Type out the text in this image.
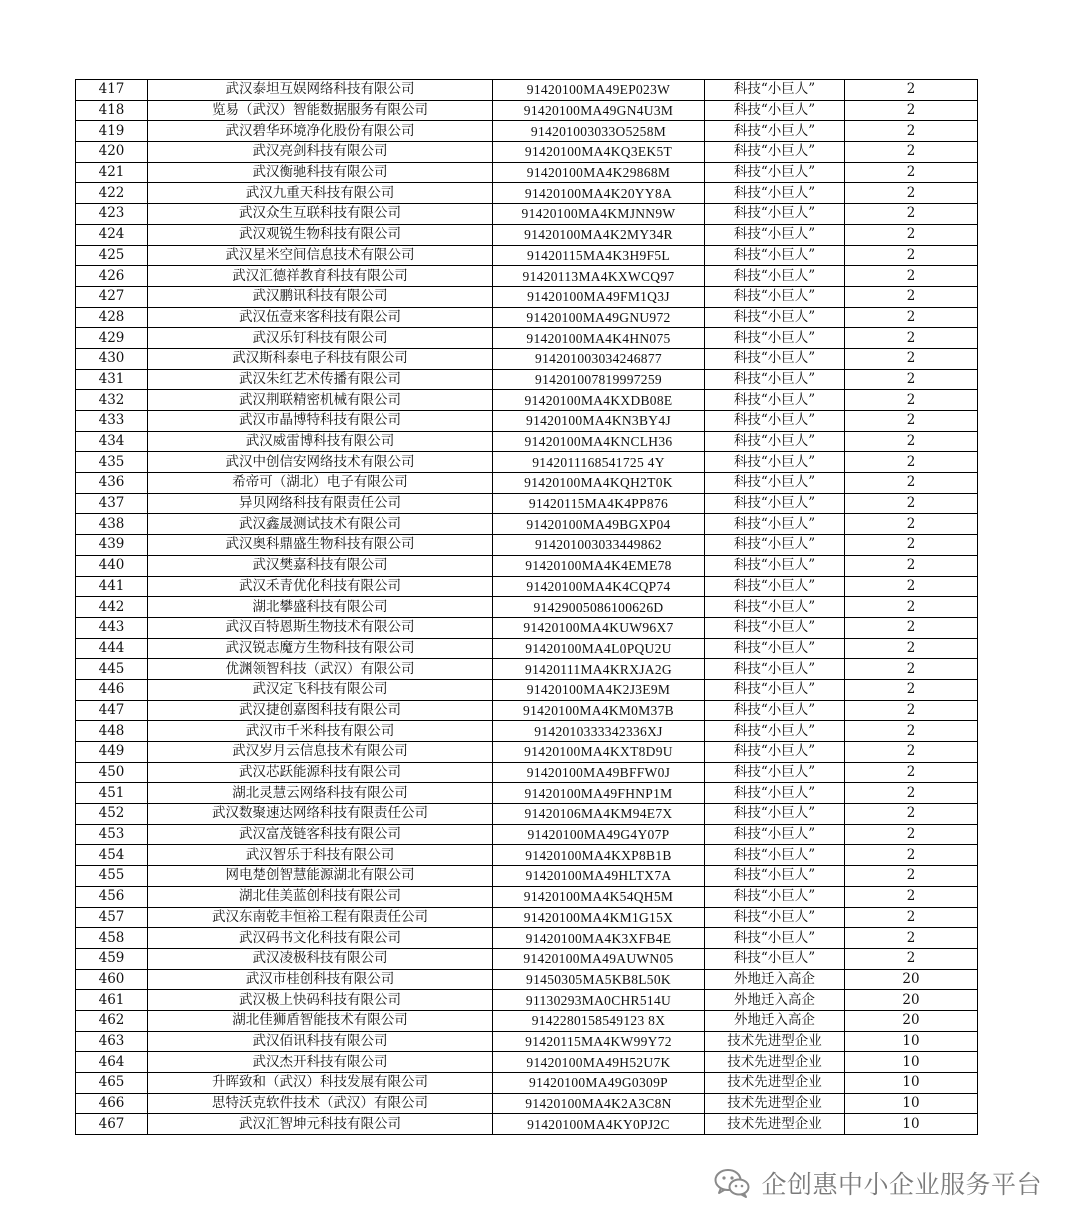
417	武汉泰坦互娱网络科技有限公司	91420100MA49EP023W	科技“小巨人”	2
418	览易（武汉）智能数据服务有限公司	91420100MA49GN4U3M	科技“小巨人”	2
419	武汉碧华环境净化股份有限公司	914201003033O5258M	科技“小巨人”	2
420	武汉亮剑科技有限公司	91420100MA4KQ3EK5T	科技“小巨人”	2
421	武汉衡驰科技有限公司	91420100MA4K29868M	科技“小巨人”	2
422	武汉九重天科技有限公司	91420100MA4K20YY8A	科技“小巨人”	2
423	武汉众生互联科技有限公司	91420100MA4KMJNN9W	科技“小巨人”	2
424	武汉观锐生物科技有限公司	91420100MA4K2MY34R	科技“小巨人”	2
425	武汉星米空间信息技术有限公司	91420115MA4K3H9F5L	科技“小巨人”	2
426	武汉汇德祥教育科技有限公司	91420113MA4KXWCQ97	科技“小巨人”	2
427	武汉鹏讯科技有限公司	91420100MA49FM1Q3J	科技“小巨人”	2
428	武汉伍壹来客科技有限公司	91420100MA49GNU972	科技“小巨人”	2
429	武汉乐钉科技有限公司	91420100MA4K4HN075	科技“小巨人”	2
430	武汉斯科泰电子科技有限公司	914201003034246877	科技“小巨人”	2
431	武汉朱红艺术传播有限公司	914201007819997259	科技“小巨人”	2
432	武汉荆联精密机械有限公司	91420100MA4KXDB08E	科技“小巨人”	2
433	武汉市晶博特科技有限公司	91420100MA4KN3BY4J	科技“小巨人”	2
434	武汉威雷博科技有限公司	91420100MA4KNCLH36	科技“小巨人”	2
435	武汉中创信安网络技术有限公司	9142011168541725 4Y	科技“小巨人”	2
436	希帝可（湖北）电子有限公司	91420100MA4KQH2T0K	科技“小巨人”	2
437	异贝网络科技有限责任公司	91420115MA4K4PP876	科技“小巨人”	2
438	武汉鑫晟测试技术有限公司	91420100MA49BGXP04	科技“小巨人”	2
439	武汉奥科鼎盛生物科技有限公司	914201003033449862	科技“小巨人”	2
440	武汉樊嘉科技有限公司	91420100MA4K4EME78	科技“小巨人”	2
441	武汉禾青优化科技有限公司	91420100MA4K4CQP74	科技“小巨人”	2
442	湖北攀盛科技有限公司	91429005086100626D	科技“小巨人”	2
443	武汉百特恩斯生物技术有限公司	91420100MA4KUW96X7	科技“小巨人”	2
444	武汉锐志魔方生物科技有限公司	91420100MA4L0PQU2U	科技“小巨人”	2
445	优渊领智科技（武汉）有限公司	91420111MA4KRXJA2G	科技“小巨人”	2
446	武汉定飞科技有限公司	91420100MA4K2J3E9M	科技“小巨人”	2
447	武汉捷创嘉图科技有限公司	91420100MA4KM0M37B	科技“小巨人”	2
448	武汉市千米科技有限公司	9142010333342336XJ	科技“小巨人”	2
449	武汉岁月云信息技术有限公司	91420100MA4KXT8D9U	科技“小巨人”	2
450	武汉芯跃能源科技有限公司	91420100MA49BFFW0J	科技“小巨人”	2
451	湖北灵慧云网络科技有限公司	91420100MA49FHNP1M	科技“小巨人”	2
452	武汉数聚速达网络科技有限责任公司	91420106MA4KM94E7X	科技“小巨人”	2
453	武汉富茂链客科技有限公司	91420100MA49G4Y07P	科技“小巨人”	2
454	武汉智乐于科技有限公司	91420100MA4KXP8B1B	科技“小巨人”	2
455	网电楚创智慧能源湖北有限公司	91420100MA49HLTX7A	科技“小巨人”	2
456	湖北佳美蓝创科技有限公司	91420100MA4K54QH5M	科技“小巨人”	2
457	武汉东南乾丰恒裕工程有限责任公司	91420100MA4KM1G15X	科技“小巨人”	2
458	武汉码书文化科技有限公司	91420100MA4K3XFB4E	科技“小巨人”	2
459	武汉凌极科技有限公司	91420100MA49AUWN05	科技“小巨人”	2
460	武汉市桂创科技有限公司	91450305MA5KB8L50K	外地迁入高企	20
461	武汉极上快码科技有限公司	91130293MA0CHR514U	外地迁入高企	20
462	湖北佳狮盾智能技术有限公司	9142280158549123 8X	外地迁入高企	20
463	武汉佰讯科技有限公司	91420115MA4KW99Y72	技术先进型企业	10
464	武汉杰开科技有限公司	91420100MA49H52U7K	技术先进型企业	10
465	升晖致和（武汉）科技发展有限公司	91420100MA49G0309P	技术先进型企业	10
466	思特沃克软件技术（武汉）有限公司	91420100MA4K2A3C8N	技术先进型企业	10
467	武汉汇智坤元科技有限公司	91420100MA4KY0PJ2C	技术先进型企业	10
企创惠中小企业服务平台
